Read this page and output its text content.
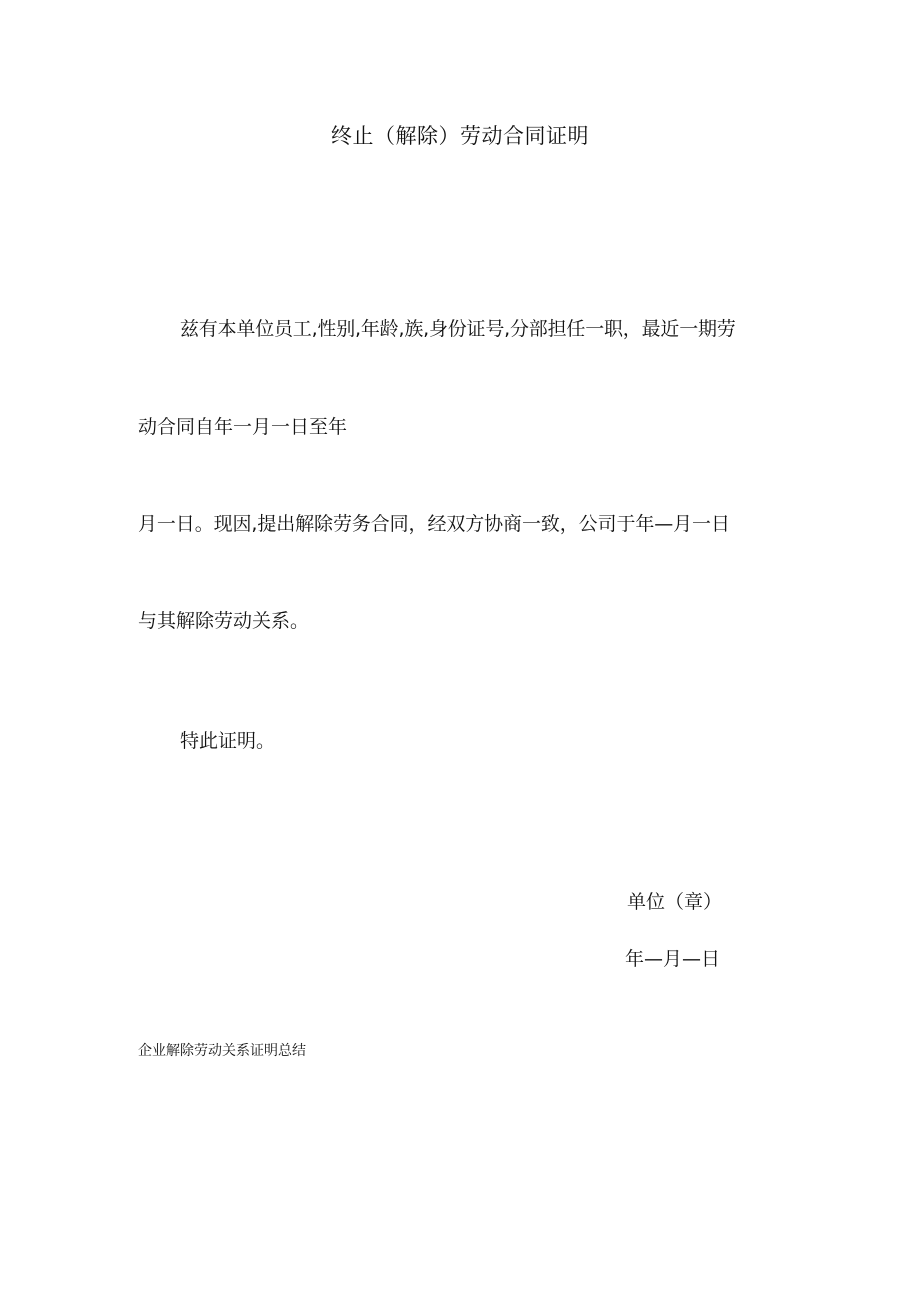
终止（解除）劳动合同证明
兹有本单位员工,性别,年龄,族,身份证号,分部担任一职，最近一期劳
动合同自年一月一日至年
月一日。现因,提出解除劳务合同，经双方协商一致，公司于年—月一日
与其解除劳动关系。
特此证明。
单位（章）
年—月—日
企业解除劳动关系证明总结
